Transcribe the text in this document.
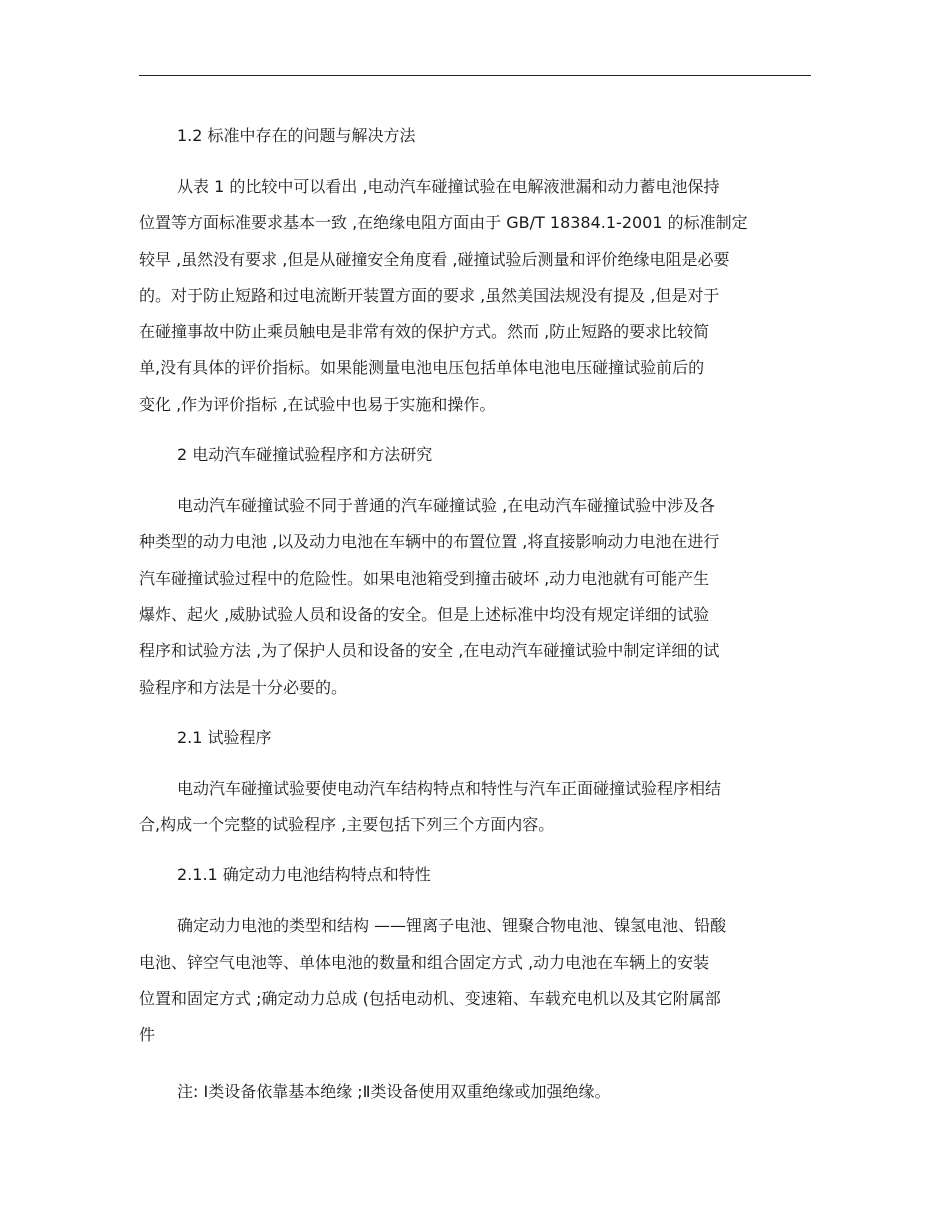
1.2 标准中存在的问题与解决方法

从表 1 的比较中可以看出 ,电动汽车碰撞试验在电解液泄漏和动力蓄电池保持
位置等方面标准要求基本一致 ,在绝缘电阻方面由于 GB/T 18384.1-2001 的标准制定
较早 ,虽然没有要求 ,但是从碰撞安全角度看 ,碰撞试验后测量和评价绝缘电阻是必要
的。对于防止短路和过电流断开装置方面的要求 ,虽然美国法规没有提及 ,但是对于
在碰撞事故中防止乘员触电是非常有效的保护方式。然而 ,防止短路的要求比较简
单,没有具体的评价指标。如果能测量电池电压包括单体电池电压碰撞试验前后的
变化 ,作为评价指标 ,在试验中也易于实施和操作。

2 电动汽车碰撞试验程序和方法研究

电动汽车碰撞试验不同于普通的汽车碰撞试验 ,在电动汽车碰撞试验中涉及各
种类型的动力电池 ,以及动力电池在车辆中的布置位置 ,将直接影响动力电池在进行
汽车碰撞试验过程中的危险性。如果电池箱受到撞击破坏 ,动力电池就有可能产生
爆炸、起火 ,威胁试验人员和设备的安全。但是上述标准中均没有规定详细的试验
程序和试验方法 ,为了保护人员和设备的安全 ,在电动汽车碰撞试验中制定详细的试
验程序和方法是十分必要的。

2.1 试验程序

电动汽车碰撞试验要使电动汽车结构特点和特性与汽车正面碰撞试验程序相结
合,构成一个完整的试验程序 ,主要包括下列三个方面内容。

2.1.1 确定动力电池结构特点和特性

确定动力电池的类型和结构 ——锂离子电池、锂聚合物电池、镍氢电池、铅酸
电池、锌空气电池等、单体电池的数量和组合固定方式 ,动力电池在车辆上的安装
位置和固定方式 ;确定动力总成 (包括电动机、变速箱、车载充电机以及其它附属部
件

注: Ⅰ类设备依靠基本绝缘 ;Ⅱ类设备使用双重绝缘或加强绝缘。
